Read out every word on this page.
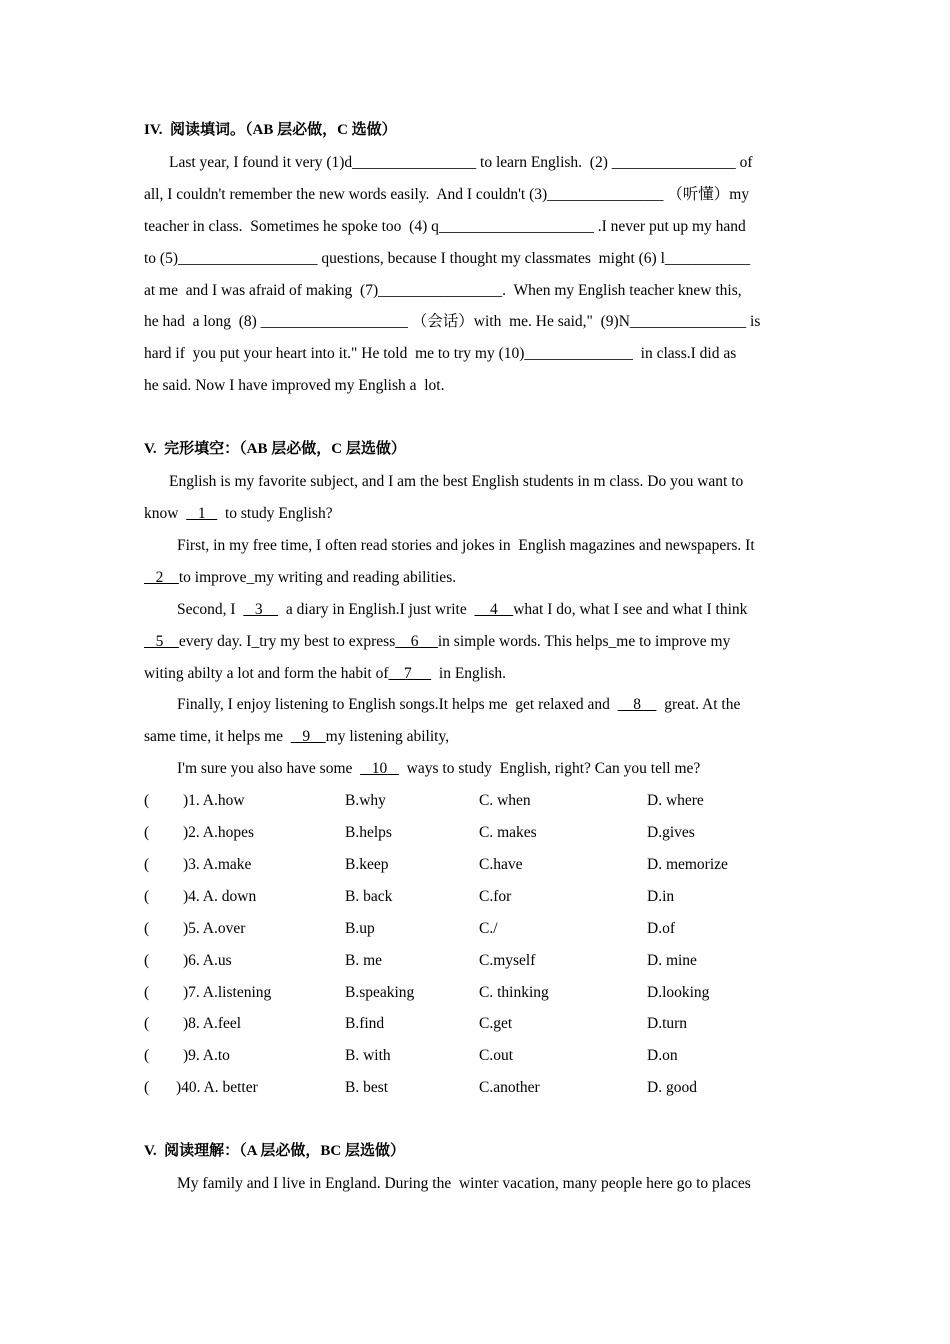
IV.  阅读填词。（AB 层必做，C 选做）
Last year, I found it very (1)d________________ to learn English.  (2) ________________ of
all, I couldn't remember the new words easily.  And I couldn't (3)_______________ （听懂）my
teacher in class.  Sometimes he spoke too  (4) q____________________ .I never put up my hand
to (5)__________________ questions, because I thought my classmates  might (6) l___________
at me  and I was afraid of making  (7)________________.  When my English teacher knew this,
he had  a long  (8) ___________________ （会话）with  me. He said,"  (9)N_______________ is
hard if  you put your heart into it." He told  me to try my (10)______________  in class.I did as
he said. Now I have improved my English a  lot.
V.  完形填空：（AB 层必做，C 层选做）
English is my favorite subject, and I am the best English students in m class. Do you want to
know     1     to study English?
First, in my free time, I often read stories and jokes in  English magazines and newspapers. It
2    to improve_my writing and reading abilities.
Second, I     3      a diary in English.I just write      4    what I do, what I see and what I think
5    every day. I_try my best to express    6     in simple words. This helps_me to improve my
witing abilty a lot and form the habit of    7       in English.
Finally, I enjoy listening to English songs.It helps me  get relaxed and      8      great. At the
same time, it helps me     9    my listening ability,
I'm sure you also have some     10     ways to study  English, right? Can you tell me?
(	)1. A.how	B.why	C. when	D. where
(	)2. A.hopes	B.helps	C. makes	D.gives
(	)3. A.make	B.keep	C.have	D. memorize
(	)4. A. down	B. back	C.for	D.in
(	)5. A.over	B.up	C./	D.of
(	)6. A.us	B. me	C.myself	D. mine
(	)7. A.listening	B.speaking	C. thinking	D.looking
(	)8. A.feel	B.find	C.get	D.turn
(	)9. A.to	B. with	C.out	D.on
(	)40. A. better	B. best	C.another	D. good
V.  阅读理解：（A 层必做，BC 层选做）
My family and I live in England. During the  winter vacation, many people here go to places
